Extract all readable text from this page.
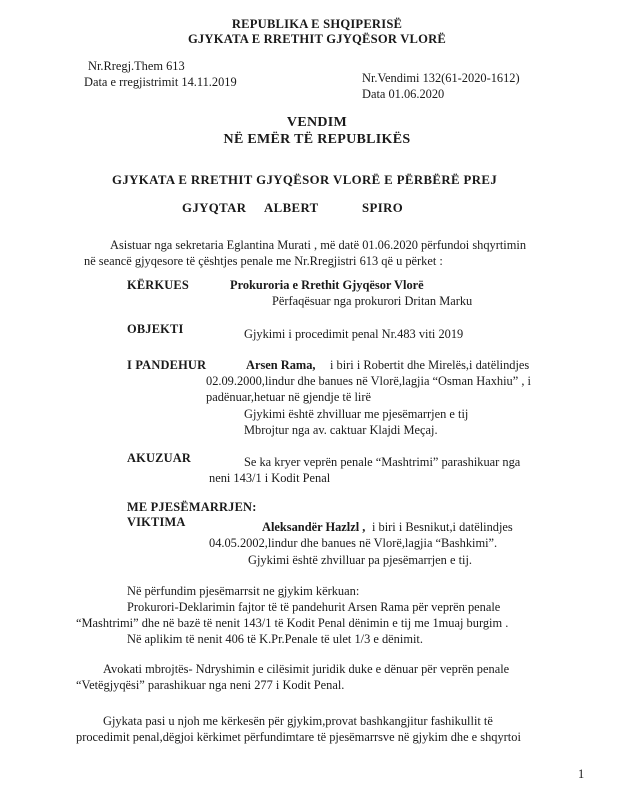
REPUBLIKA E SHQIPERISË
GJYKATA E RRETHIT GJYQËSOR VLORË
Nr.Rregj.Them 613
Data e rregjistrimit 14.11.2019	Nr.Vendimi 132(61-2020-1612)
Data 01.06.2020
VENDIM
NË EMËR TË REPUBLIKËS
GJYKATA E RRETHIT GJYQËSOR VLORË E PËRBËRË PREJ
GJYQTAR ALBERT	SPIRO
Asistuar nga sekretaria Eglantina Murati , më datë 01.06.2020 përfundoi shqyrtimin
në seancë gjyqesore të çështjes penale me Nr.Rregjistri 613 që u përket :
KËRKUES	Prokuroria e Rrethit Gjyqësor Vlorë
Përfaqësuar nga prokurori Dritan Marku
OBJEKTI	Gjykimi i procedimit penal Nr.483 viti 2019
I PANDEHUR	Arsen Rama, i biri i Robertit dhe Mirelës,i datëlindjes
02.09.2000,lindur dhe banues në Vlorë,lagjia “Osman Haxhiu” , i
padënuar,hetuar në gjendje të lirë
Gjykimi është zhvilluar me pjesëmarrjen e tij
Mbrojtur nga av. caktuar Klajdi Meçaj.
AKUZUAR	Se ka kryer veprën penale “Mashtrimi” parashikuar nga
neni 143/1 i Kodit Penal
ME PJESËMARRJEN:
VIKTIMA	Aleksandër Hazlzl , i biri i Besnikut,i datëlindjes
04.05.2002,lindur dhe banues në Vlorë,lagjia “Bashkimi”.
Gjykimi është zhvilluar pa pjesëmarrjen e tij.
Në përfundim pjesëmarrsit ne gjykim kërkuan:
Prokurori-Deklarimin fajtor të të pandehurit Arsen Rama për veprën penale
“Mashtrimi” dhe në bazë të nenit 143/1 të Kodit Penal dënimin e tij me 1muaj burgim .
Në aplikim të nenit 406 të K.Pr.Penale të ulet 1/3 e dënimit.
Avokati mbrojtës- Ndryshimin e cilësimit juridik duke e dënuar për veprën penale
“Vetëgjyqësi” parashikuar nga neni 277 i Kodit Penal.
Gjykata pasi u njoh me kërkesën për gjykim,provat bashkangjitur fashikullit të
procedimit penal,dëgjoi kërkimet përfundimtare të pjesëmarrsve në gjykim dhe e shqyrtoi
1
